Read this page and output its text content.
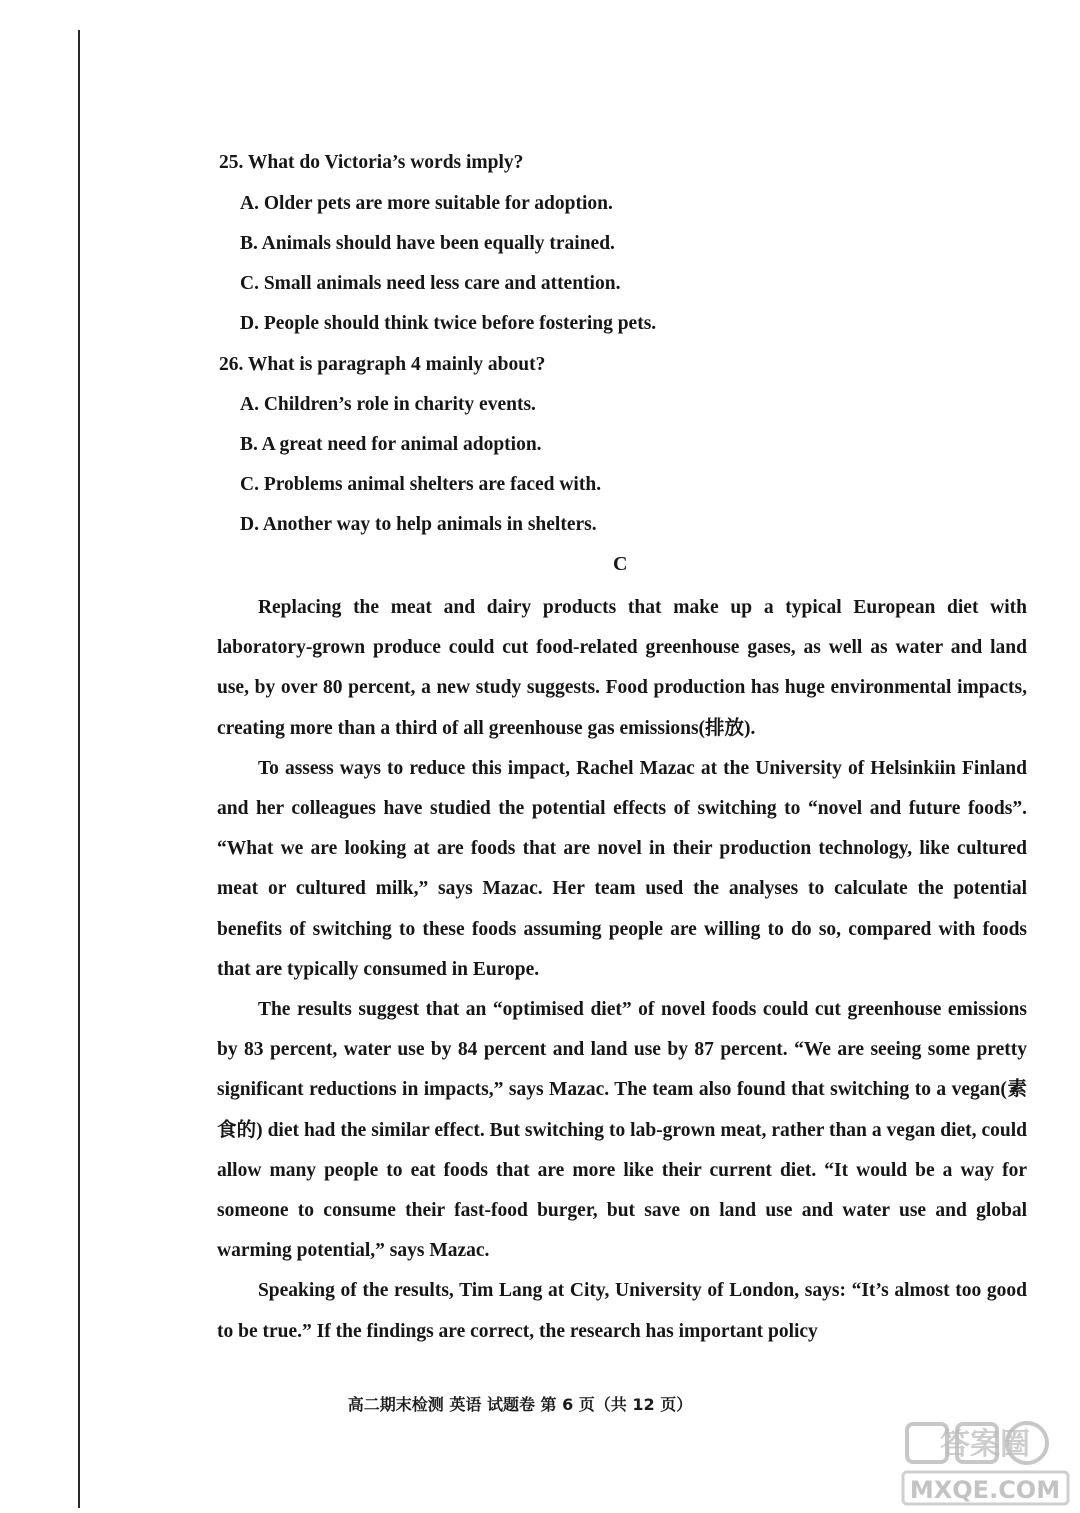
25. What do Victoria’s words imply?
A. Older pets are more suitable for adoption.
B. Animals should have been equally trained.
C. Small animals need less care and attention.
D. People should think twice before fostering pets.
26. What is paragraph 4 mainly about?
A. Children’s role in charity events.
B. A great need for animal adoption.
C. Problems animal shelters are faced with.
D. Another way to help animals in shelters.
C

Replacing the meat and dairy products that make up a typical European diet with laboratory-grown produce could cut food-related greenhouse gases, as well as water and land use, by over 80 percent, a new study suggests. Food production has huge environmental impacts, creating more than a third of all greenhouse gas emissions(排放).

To assess ways to reduce this impact, Rachel Mazac at the University of Helsinkiin Finland and her colleagues have studied the potential effects of switching to “novel and future foods”. “What we are looking at are foods that are novel in their production technology, like cultured meat or cultured milk,” says Mazac. Her team used the analyses to calculate the potential benefits of switching to these foods assuming people are willing to do so, compared with foods that are typically consumed in Europe.

The results suggest that an “optimised diet” of novel foods could cut greenhouse emissions by 83 percent, water use by 84 percent and land use by 87 percent. “We are seeing some pretty significant reductions in impacts,” says Mazac. The team also found that switching to a vegan(素食的) diet had the similar effect. But switching to lab-grown meat, rather than a vegan diet, could allow many people to eat foods that are more like their current diet. “It would be a way for someone to consume their fast-food burger, but save on land use and water use and global warming potential,” says Mazac.

Speaking of the results, Tim Lang at City, University of London, says: “It’s almost too good to be true.” If the findings are correct, the research has important policy

高二期末检测 英语 试题卷 第 6 页（共 12 页）
答案圈
MXQE.COM
